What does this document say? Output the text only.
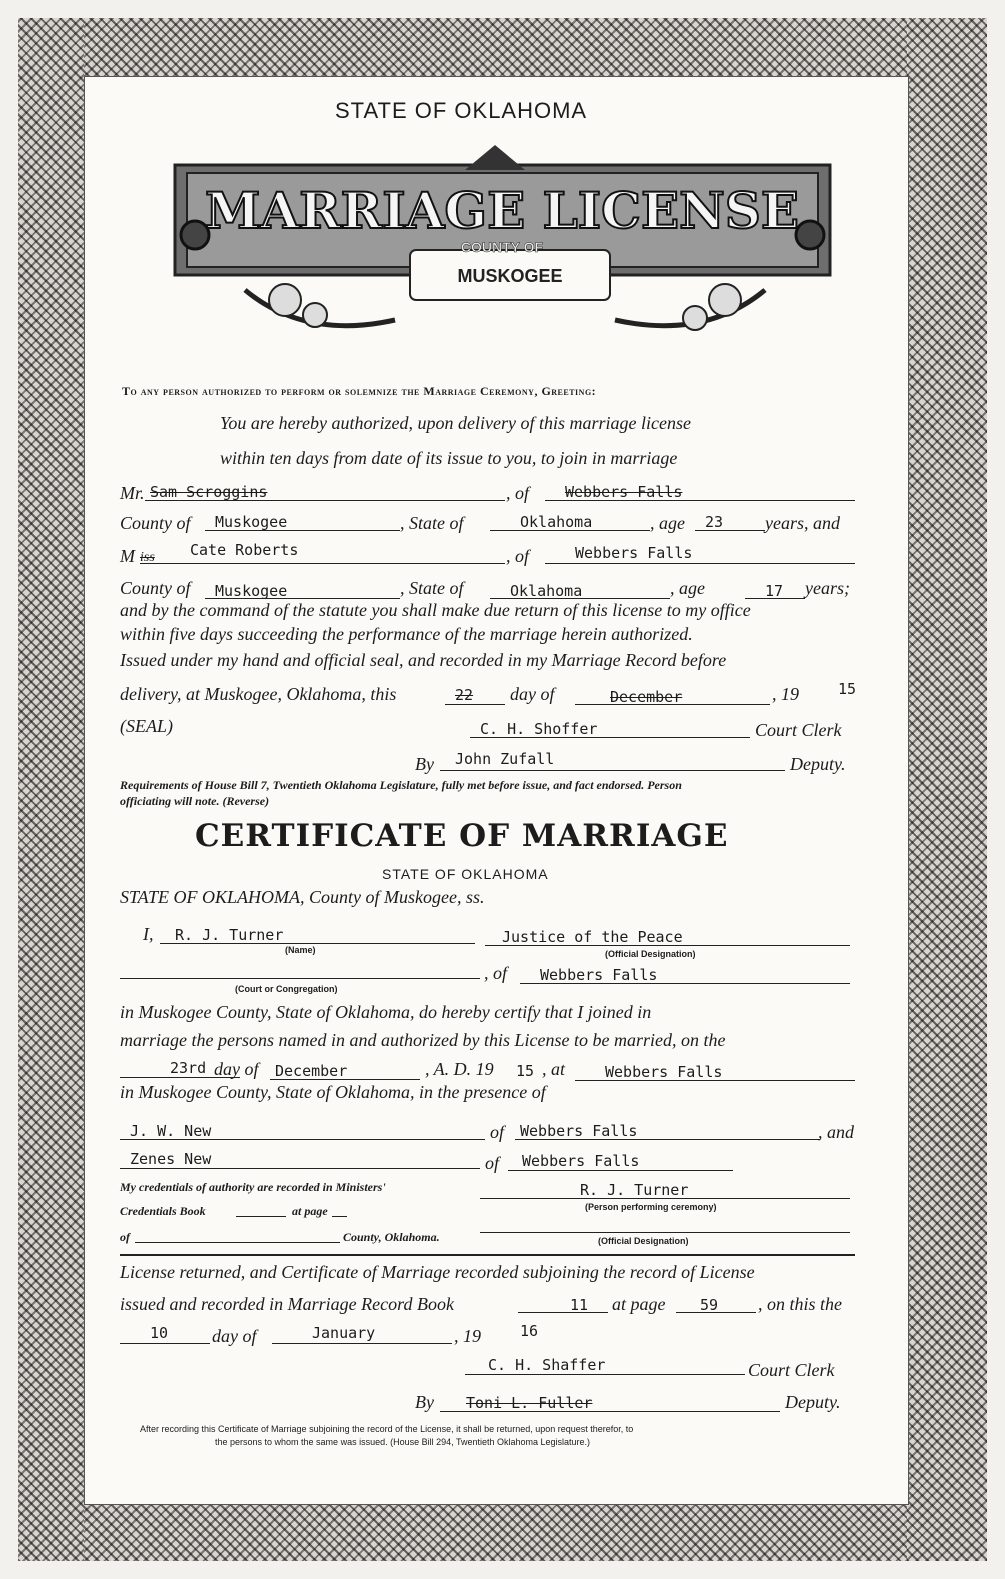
STATE OF OKLAHOMA
MARRIAGE LICENSE
COUNTY OF
MUSKOGEE
To any person authorized to perform or solemnize the Marriage Ceremony, Greeting:
You are hereby authorized, upon delivery of this marriage license
within ten days from date of its issue to you, to join in marriage
Mr. Sam Scroggins	, of Webbers Falls
County of Muskogee	, State of	Oklahoma	, age 23 years, and
M iss Cate Roberts	, of	Webbers Falls
County of Muskogee	, State of	Oklahoma	, age	17 years;
and by the command of the statute you shall make due return of this license to my office
within five days succeeding the performance of the marriage herein authorized.
Issued under my hand and official seal, and recorded in my Marriage Record before
delivery, at Muskogee, Oklahoma, this	22 day of	December	, 19	15
(SEAL)	C. H. Shoffer	Court Clerk
By John Zufall	Deputy.
Requirements of House Bill 7, Twentieth Oklahoma Legislature, fully met before issue, and fact endorsed. Person
officiating will note. (Reverse)
CERTIFICATE OF MARRIAGE
STATE OF OKLAHOMA
STATE OF OKLAHOMA, County of Muskogee, ss.
I, R. J. Turner
(Name)
Justice of the Peace
(Official Designation)
(Court or Congregation)
, of Webbers Falls
in Muskogee County, State of Oklahoma, do hereby certify that I joined in
marriage the persons named in and authorized by this License to be married, on the
23rd day of December	, A. D. 19 15 , at	Webbers Falls
in Muskogee County, State of Oklahoma, in the presence of
J. W. New	of Webbers Falls	, and
Zenes New	of Webbers Falls
My credentials of authority are recorded in Ministers'
Credentials Book	at page
of	County, Oklahoma.
R. J. Turner
(Person performing ceremony)
(Official Designation)
License returned, and Certificate of Marriage recorded subjoining the record of License
issued and recorded in Marriage Record Book	11 at page 59 , on this the
10 day of	January	, 19	16
C. H. Shaffer	Court Clerk
By Toni L. Fuller	Deputy.
After recording this Certificate of Marriage subjoining the record of the License, it shall be returned, upon request therefor, to
the persons to whom the same was issued. (House Bill 294, Twentieth Oklahoma Legislature.)
